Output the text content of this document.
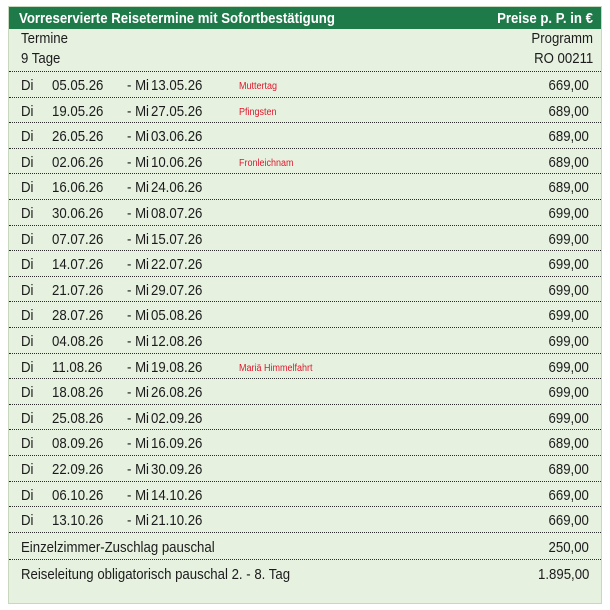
Vorreservierte Reisetermine mit Sofortbestätigung	Preise p. P. in €
Termine	Programm
9 Tage	RO 00211
Di 05.05.26 - Mi 13.05.26	Muttertag	669,00
Di 19.05.26 - Mi 27.05.26	Pfingsten	689,00
Di 26.05.26 - Mi 03.06.26	689,00
Di 02.06.26 - Mi 10.06.26	Fronleichnam	689,00
Di 16.06.26 - Mi 24.06.26	689,00
Di 30.06.26 - Mi 08.07.26	699,00
Di 07.07.26 - Mi 15.07.26	699,00
Di 14.07.26 - Mi 22.07.26	699,00
Di 21.07.26 - Mi 29.07.26	699,00
Di 28.07.26 - Mi 05.08.26	699,00
Di 04.08.26 - Mi 12.08.26	699,00
Di 11.08.26 - Mi 19.08.26	Mariä Himmelfahrt	699,00
Di 18.08.26 - Mi 26.08.26	699,00
Di 25.08.26 - Mi 02.09.26	699,00
Di 08.09.26 - Mi 16.09.26	689,00
Di 22.09.26 - Mi 30.09.26	689,00
Di 06.10.26 - Mi 14.10.26	669,00
Di 13.10.26 - Mi 21.10.26	669,00
Einzelzimmer-Zuschlag pauschal	250,00
Reiseleitung obligatorisch pauschal 2. - 8. Tag	1.895,00
